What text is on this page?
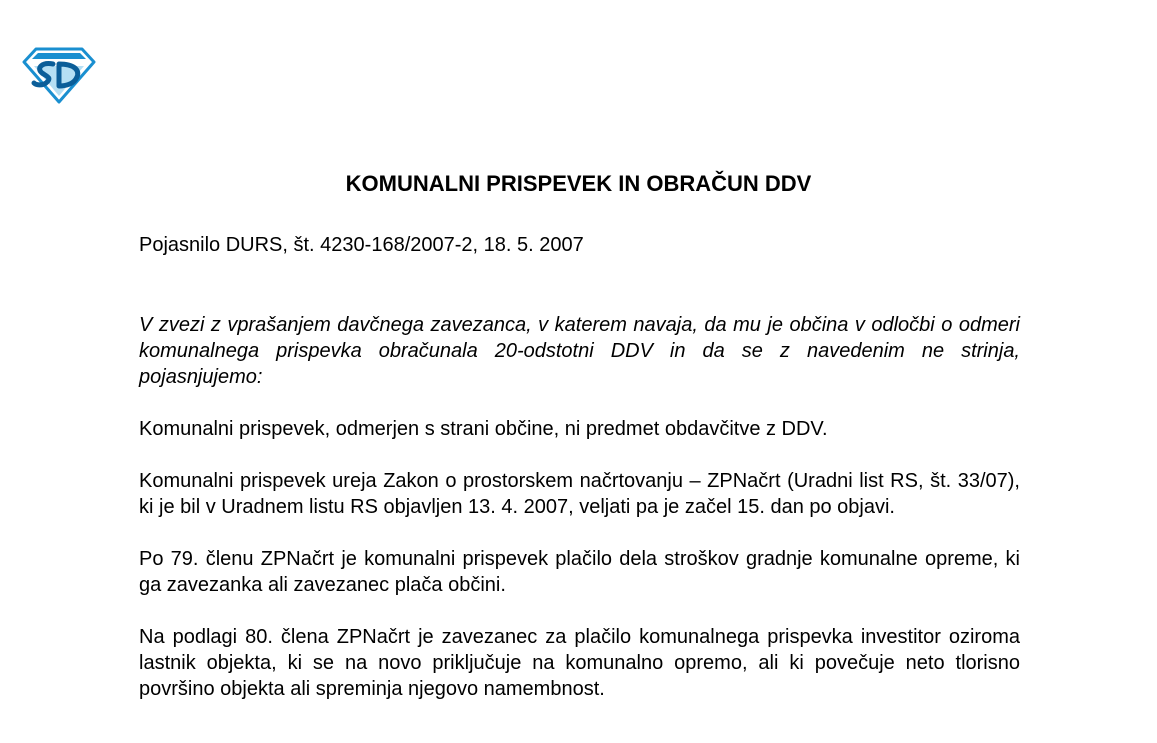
KOMUNALNI PRISPEVEK IN OBRAČUN DDV

Pojasnilo DURS, št. 4230-168/2007-2, 18. 5. 2007

V zvezi z vprašanjem davčnega zavezanca, v katerem navaja, da mu je občina v odločbi o odmeri komunalnega prispevka obračunala 20-odstotni DDV in da se z navedenim ne strinja, pojasnjujemo:

Komunalni prispevek, odmerjen s strani občine, ni predmet obdavčitve z DDV.

Komunalni prispevek ureja Zakon o prostorskem načrtovanju – ZPNačrt (Uradni list RS, št. 33/07), ki je bil v Uradnem listu RS objavljen 13. 4. 2007, veljati pa je začel 15. dan po objavi.

Po 79. členu ZPNačrt je komunalni prispevek plačilo dela stroškov gradnje komunalne opreme, ki ga zavezanka ali zavezanec plača občini.

Na podlagi 80. člena ZPNačrt je zavezanec za plačilo komunalnega prispevka investitor oziroma lastnik objekta, ki se na novo priključuje na komunalno opremo, ali ki povečuje neto tlorisno površino objekta ali spreminja njegovo namembnost.
